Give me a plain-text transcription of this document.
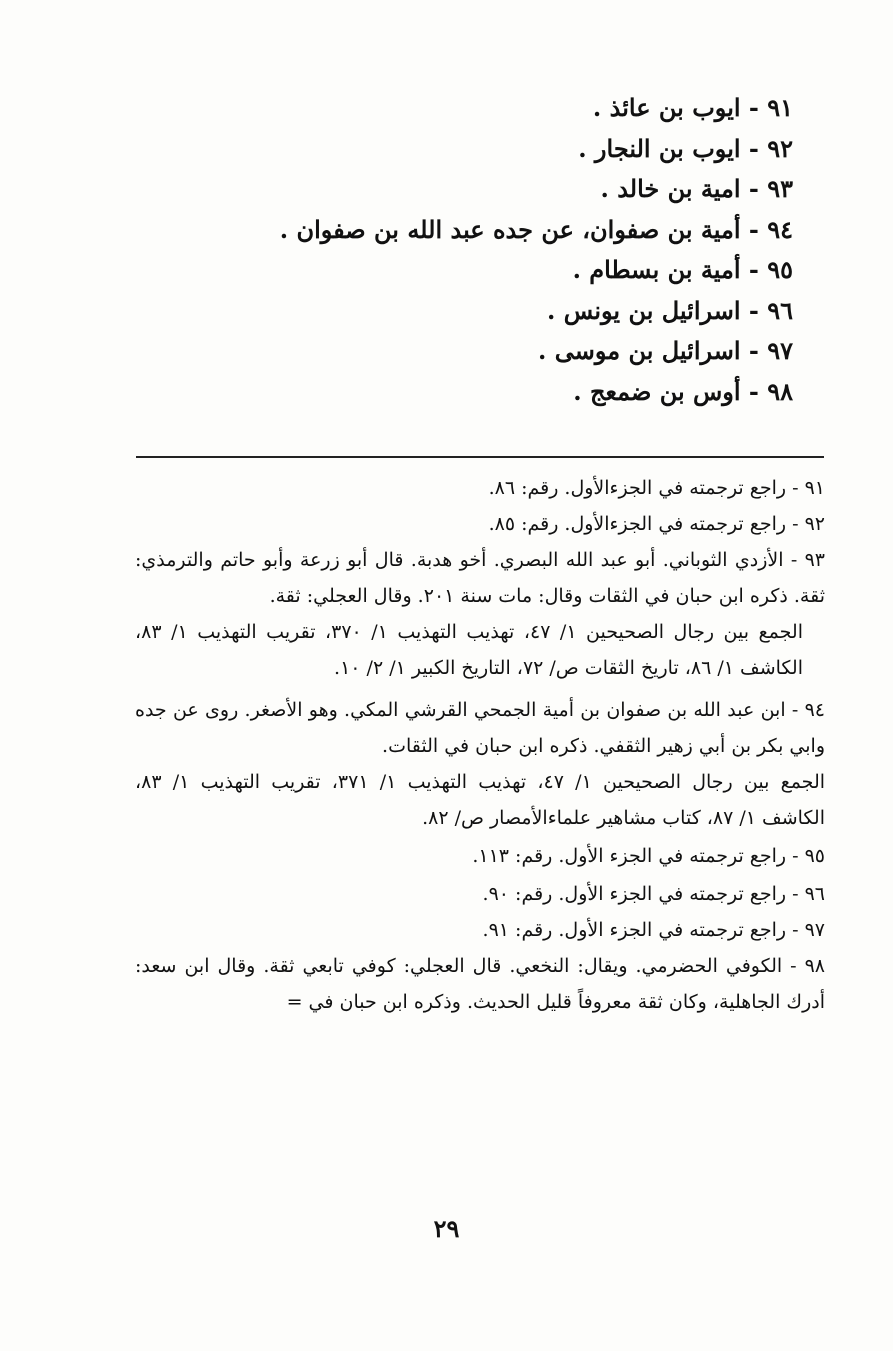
٩١ - ايوب بن عائذ .
٩٢ - ايوب بن النجار .
٩٣ - امية بن خالد .
٩٤ - أمية بن صفوان، عن جده عبد الله بن صفوان .
٩٥ - أمية بن بسطام .
٩٦ - اسرائيل بن يونس .
٩٧ - اسرائيل بن موسى .
٩٨ - أوس بن ضمعج .

٩١ - راجع ترجمته في الجزءالأول. رقم: ٨٦.

٩٢ - راجع ترجمته في الجزءالأول. رقم: ٨٥.

٩٣ - الأزدي الثوباني. أبو عبد الله البصري. أخو هدبة. قال أبو زرعة وأبو حاتم والترمذي: ثقة. ذكره ابن حبان في الثقات وقال: مات سنة ٢٠١. وقال العجلي: ثقة.

الجمع بين رجال الصحيحين ١/ ٤٧، تهذيب التهذيب ١/ ٣٧٠، تقريب التهذيب ١/ ٨٣، الكاشف ١/ ٨٦، تاريخ الثقات ص/ ٧٢، التاريخ الكبير ١/ ٢/ ١٠.

٩٤ - ابن عبد الله بن صفوان بن أمية الجمحي القرشي المكي. وهو الأصغر. روى عن جده وابي بكر بن أبي زهير الثقفي. ذكره ابن حبان في الثقات.

الجمع بين رجال الصحيحين ١/ ٤٧، تهذيب التهذيب ١/ ٣٧١، تقريب التهذيب ١/ ٨٣، الكاشف ١/ ٨٧، كتاب مشاهير علماءالأمصار ص/ ٨٢.

٩٥ - راجع ترجمته في الجزء الأول. رقم: ١١٣.

٩٦ - راجع ترجمته في الجزء الأول. رقم: ٩٠.

٩٧ - راجع ترجمته في الجزء الأول. رقم: ٩١.

٩٨ - الكوفي الحضرمي. ويقال: النخعي. قال العجلي: كوفي تابعي ثقة. وقال ابن سعد: أدرك الجاهلية، وكان ثقة معروفاً قليل الحديث. وذكره ابن حبان في =

٢٩
